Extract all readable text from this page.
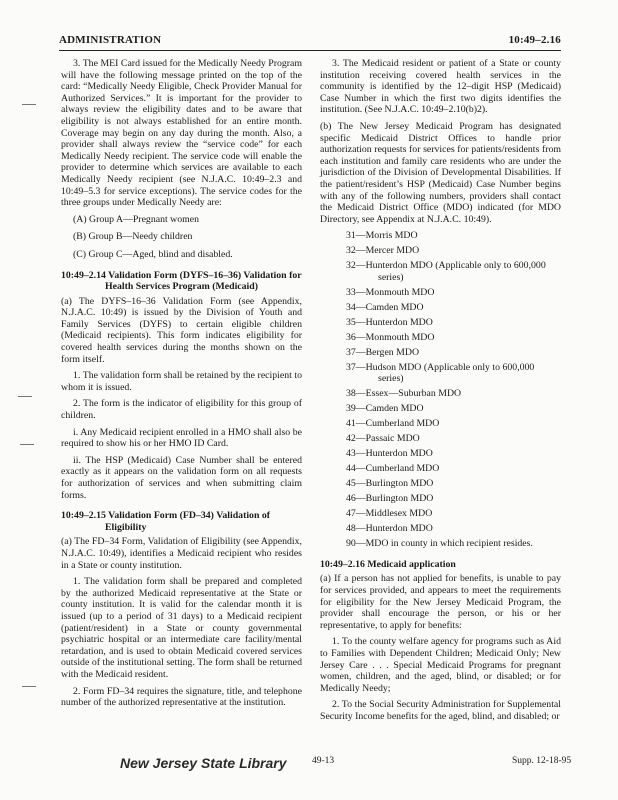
ADMINISTRATION	10:49–2.16

3. The MEI Card issued for the Medically Needy Program will have the following message printed on the top of the card: “Medically Needy Eligible, Check Provider Manual for Authorized Services.” It is important for the provider to always review the eligibility dates and to be aware that eligibility is not always established for an entire month. Coverage may begin on any day during the month. Also, a provider shall always review the “service code” for each Medically Needy recipient. The service code will enable the provider to determine which services are available to each Medically Needy recipient (see N.J.A.C. 10:49–2.3 and 10:49–5.3 for service exceptions). The service codes for the three groups under Medically Needy are:

(A) Group A—Pregnant women

(B) Group B—Needy children

(C) Group C—Aged, blind and disabled.

10:49–2.14 Validation Form (DYFS–16–36) Validation for Health Services Program (Medicaid)

(a) The DYFS–16–36 Validation Form (see Appendix, N.J.A.C. 10:49) is issued by the Division of Youth and Family Services (DYFS) to certain eligible children (Medicaid recipients). This form indicates eligibility for covered health services during the months shown on the form itself.

1. The validation form shall be retained by the recipient to whom it is issued.

2. The form is the indicator of eligibility for this group of children.

i. Any Medicaid recipient enrolled in a HMO shall also be required to show his or her HMO ID Card.

ii. The HSP (Medicaid) Case Number shall be entered exactly as it appears on the validation form on all requests for authorization of services and when submitting claim forms.

10:49–2.15 Validation Form (FD–34) Validation of Eligibility

(a) The FD–34 Form, Validation of Eligibility (see Appendix, N.J.A.C. 10:49), identifies a Medicaid recipient who resides in a State or county institution.

1. The validation form shall be prepared and completed by the authorized Medicaid representative at the State or county institution. It is valid for the calendar month it is issued (up to a period of 31 days) to a Medicaid recipient (patient/resident) in a State or county governmental psychiatric hospital or an intermediate care facility/mental retardation, and is used to obtain Medicaid covered services outside of the institutional setting. The form shall be returned with the Medicaid resident.

2. Form FD–34 requires the signature, title, and telephone number of the authorized representative at the institution.

3. The Medicaid resident or patient of a State or county institution receiving covered health services in the community is identified by the 12–digit HSP (Medicaid) Case Number in which the first two digits identifies the institution. (See N.J.A.C. 10:49–2.10(b)2).

(b) The New Jersey Medicaid Program has designated specific Medicaid District Offices to handle prior authorization requests for services for patients/residents from each institution and family care residents who are under the jurisdiction of the Division of Developmental Disabilities. If the patient/resident’s HSP (Medicaid) Case Number begins with any of the following numbers, providers shall contact the Medicaid District Office (MDO) indicated (for MDO Directory, see Appendix at N.J.A.C. 10:49).

31—Morris MDO
32—Mercer MDO
32—Hunterdon MDO (Applicable only to 600,000 series)
33—Monmouth MDO
34—Camden MDO
35—Hunterdon MDO
36—Monmouth MDO
37—Bergen MDO
37—Hudson MDO (Applicable only to 600,000 series)
38—Essex—Suburban MDO
39—Camden MDO
41—Cumberland MDO
42—Passaic MDO
43—Hunterdon MDO
44—Cumberland MDO
45—Burlington MDO
46—Burlington MDO
47—Middlesex MDO
48—Hunterdon MDO
90—MDO in county in which recipient resides.
10:49–2.16 Medicaid application

(a) If a person has not applied for benefits, is unable to pay for services provided, and appears to meet the requirements for eligibility for the New Jersey Medicaid Program, the provider shall encourage the person, or his or her representative, to apply for benefits:

1. To the county welfare agency for programs such as Aid to Families with Dependent Children; Medicaid Only; New Jersey Care . . . Special Medicaid Programs for pregnant women, children, and the aged, blind, or disabled; or for Medically Needy;

2. To the Social Security Administration for Supplemental Security Income benefits for the aged, blind, and disabled; or

New Jersey State Library	49-13	Supp. 12-18-95
